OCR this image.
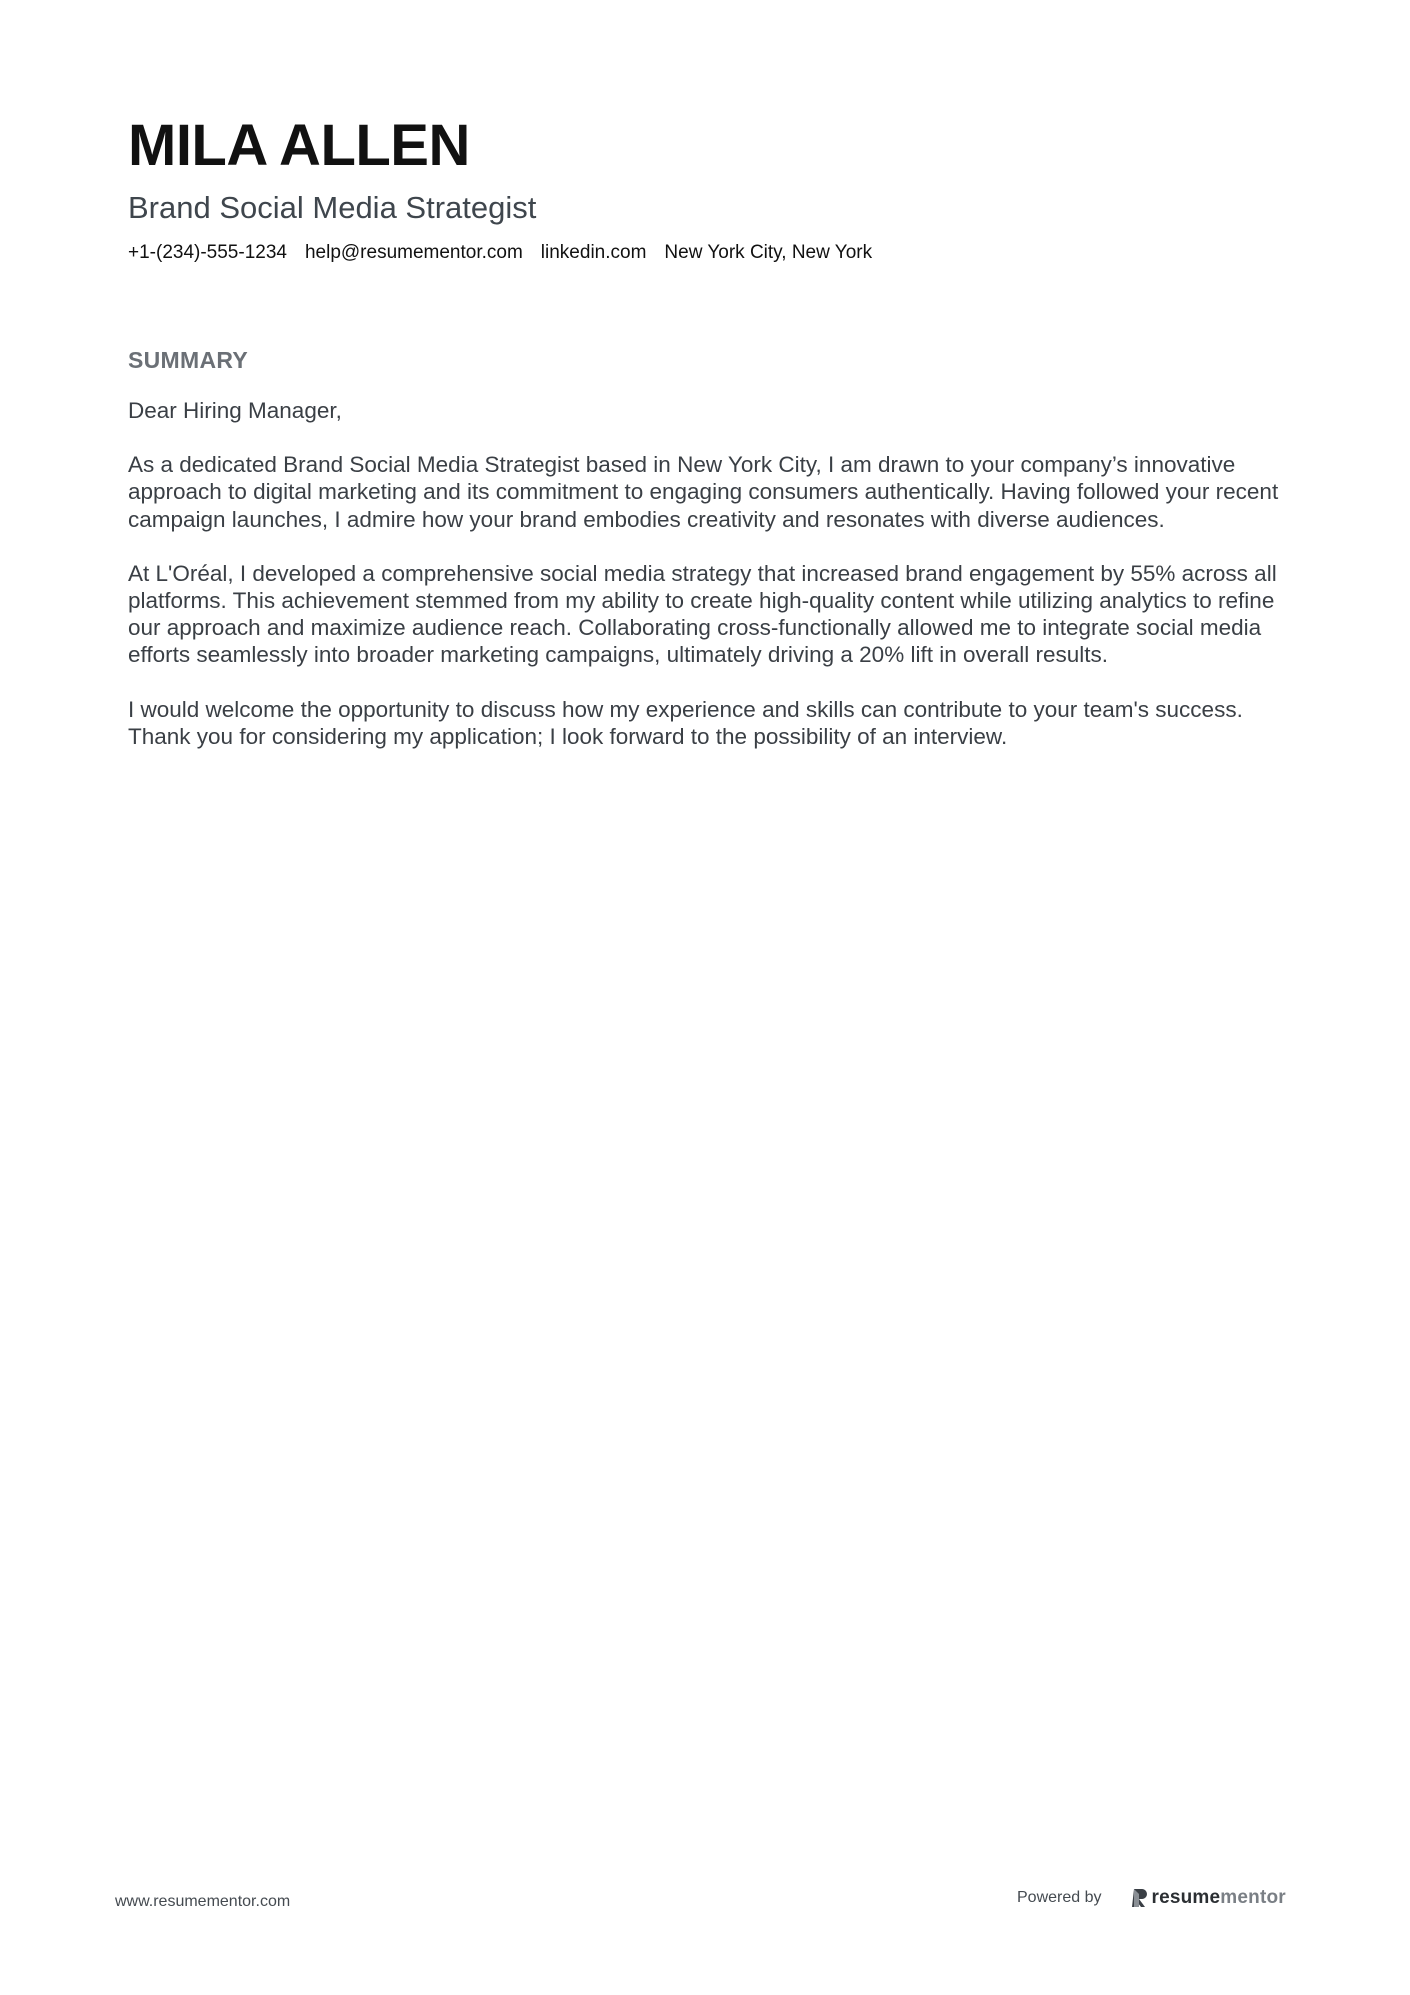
MILA ALLEN
Brand Social Media Strategist
+1-(234)-555-1234 help@resumementor.com linkedin.com New York City, New York
SUMMARY

Dear Hiring Manager,

As a dedicated Brand Social Media Strategist based in New York City, I am drawn to your company’s innovative approach to digital marketing and its commitment to engaging consumers authentically. Having followed your recent campaign launches, I admire how your brand embodies creativity and resonates with diverse audiences.

At L'Oréal, I developed a comprehensive social media strategy that increased brand engagement by 55% across all platforms. This achievement stemmed from my ability to create high-quality content while utilizing analytics to refine our approach and maximize audience reach. Collaborating cross-functionally allowed me to integrate social media efforts seamlessly into broader marketing campaigns, ultimately driving a 20% lift in overall results.

I would welcome the opportunity to discuss how my experience and skills can contribute to your team's success. Thank you for considering my application; I look forward to the possibility of an interview.

www.resumementor.com	Powered by	resume mentor
